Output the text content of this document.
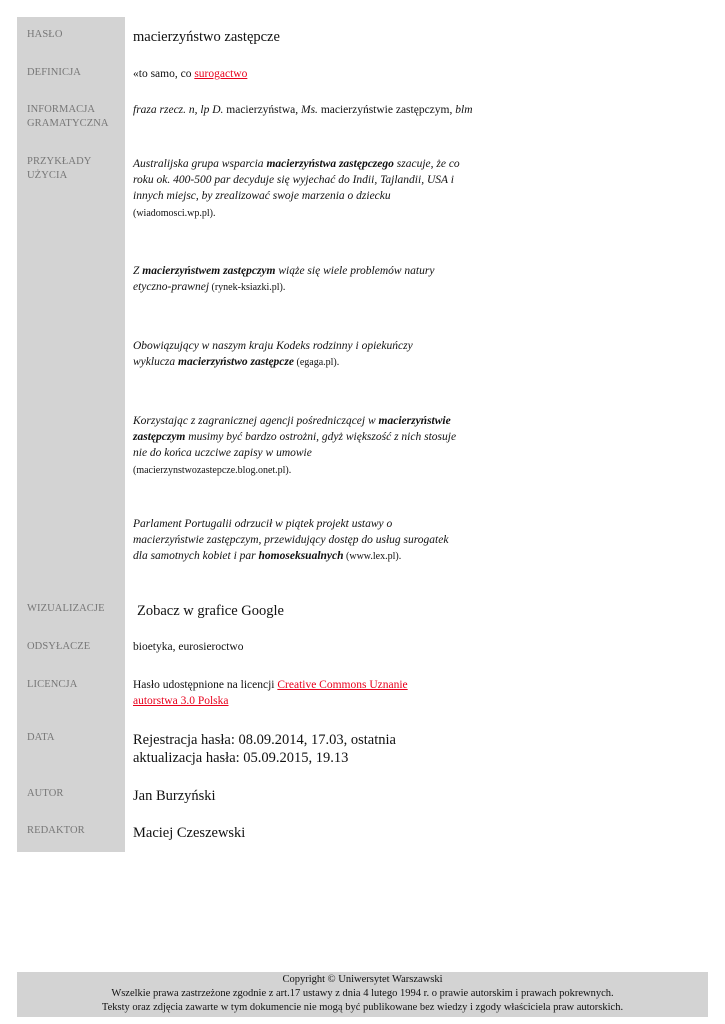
HASŁO
DEFINICJA
INFORMACJA
GRAMATYCZNA
PRZYKŁADY
UŻYCIA
WIZUALIZACJE
ODSYŁACZE
LICENCJA
DATA
AUTOR
REDAKTOR
macierzyństwo zastępcze
«to samo, co surogactwo
fraza rzecz. n, lp D. macierzyństwa, Ms. macierzyństwie zastępczym, blm
Australijska grupa wsparcia macierzyństwa zastępczego szacuje, że co roku ok. 400-500 par decyduje się wyjechać do Indii, Tajlandii, USA i innych miejsc, by zrealizować swoje marzenia o dziecku (wiadomosci.wp.pl).
Z macierzyństwem zastępczym wiąże się wiele problemów natury etyczno-prawnej (rynek-ksiazki.pl).
Obowiązujący w naszym kraju Kodeks rodzinny i opiekuńczy wyklucza macierzyństwo zastępcze (egaga.pl).
Korzystając z zagranicznej agencji pośredniczącej w macierzyństwie zastępczym musimy być bardzo ostrożni, gdyż większość z nich stosuje nie do końca uczciwe zapisy w umowie (macierzynstwozastepcze.blog.onet.pl).
Parlament Portugalii odrzucił w piątek projekt ustawy o macierzyństwie zastępczym, przewidujący dostęp do usług surogatek dla samotnych kobiet i par homoseksualnych (www.lex.pl).
Zobacz w grafice Google
bioetyka, eurosieroctwo
Hasło udostępnione na licencji Creative Commons Uznanie autorstwa 3.0 Polska
Rejestracja hasła: 08.09.2014, 17.03, ostatnia aktualizacja hasła: 05.09.2015, 19.13
Jan Burzyński
Maciej Czeszewski
Copyright © Uniwersytet Warszawski
Wszelkie prawa zastrzeżone zgodnie z art.17 ustawy z dnia 4 lutego 1994 r. o prawie autorskim i prawach pokrewnych.
Teksty oraz zdjęcia zawarte w tym dokumencie nie mogą być publikowane bez wiedzy i zgody właściciela praw autorskich.
